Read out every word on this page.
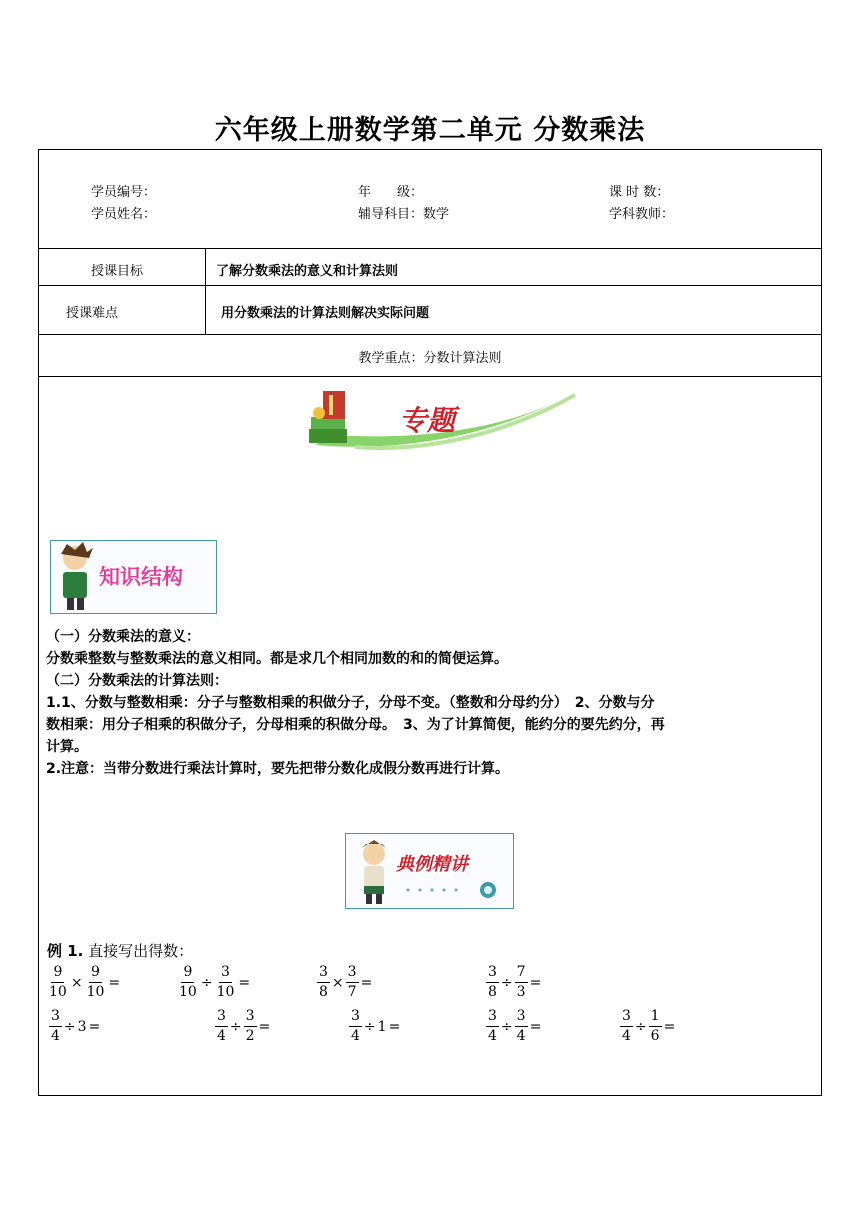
六年级上册数学第二单元 分数乘法
学员编号：	年　　级：	课 时 数：
学员姓名：	辅导科目：数学	学科教师：
授课目标	了解分数乘法的意义和计算法则
授课难点	用分数乘法的计算法则解决实际问题
教学重点：分数计算法则
专题
知识结构
（一）分数乘法的意义：
分数乘整数与整数乘法的意义相同。都是求几个相同加数的和的简便运算。
（二）分数乘法的计算法则：
1.1、分数与整数相乘：分子与整数相乘的积做分子，分母不变。（整数和分母约分）　2、分数与分
数相乘：用分子相乘的积做分子，分母相乘的积做分母。　3、为了计算简便，能约分的要先约分，再
计算。
2.注意：当带分数进行乘法计算时，要先把带分数化成假分数再进行计算。
典例精讲
例 1. 直接写出得数：
$\frac{9}{10} \times \frac{9}{10}$ =	$\frac{9}{10} \div \frac{3}{10}$ =	$\frac{3}{8} \times \frac{3}{7}$ =	$\frac{3}{8} \div \frac{7}{3}$ =
$\frac{3}{4} \div 3$ =	$\frac{3}{4} \div \frac{3}{2}$ =	$\frac{3}{4} \div 1$ =	$\frac{3}{4} \div \frac{3}{4}$ =	$\frac{3}{4} \div \frac{1}{6}$ =
